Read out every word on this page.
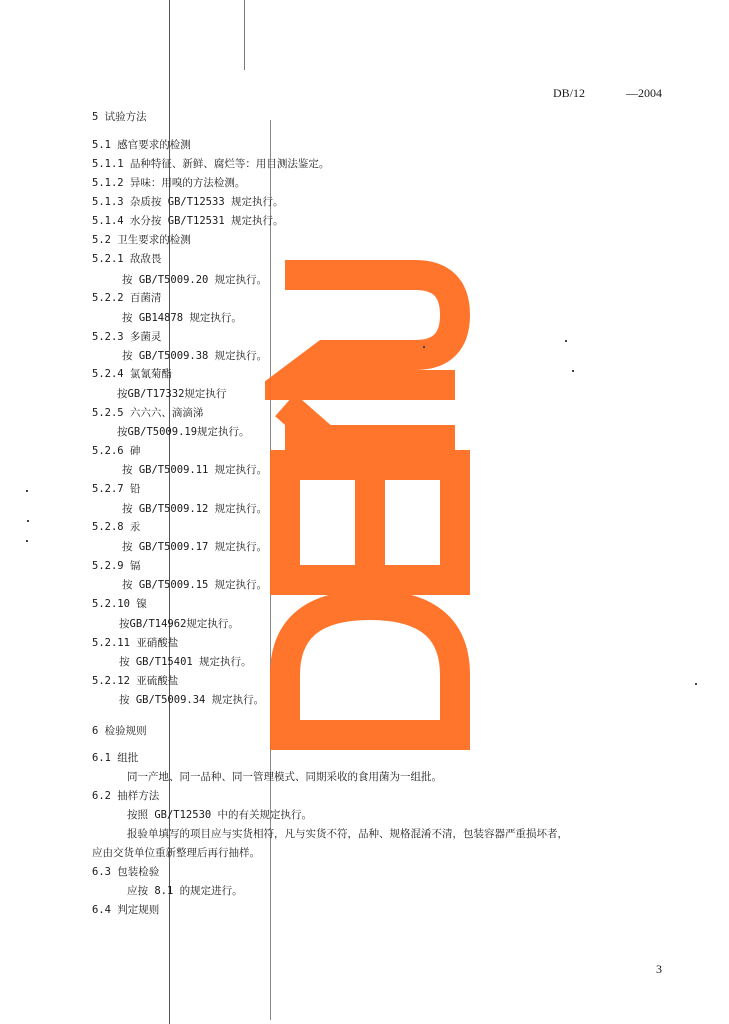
DB/12	—2004
5 试验方法
5.1 感官要求的检测
5.1.1 品种特征、新鲜、腐烂等：用目测法鉴定。
5.1.2 异味：用嗅的方法检测。
5.1.3 杂质按 GB/T12533 规定执行。
5.1.4 水分按 GB/T12531 规定执行。
5.2 卫生要求的检测
5.2.1 敌敌畏
按 GB/T5009.20 规定执行。
5.2.2 百菌清
按 GB14878 规定执行。
5.2.3 多菌灵
按 GB/T5009.38 规定执行。
5.2.4 氯氰菊酯
按GB/T17332规定执行
5.2.5 六六六、滴滴涕
按GB/T5009.19规定执行。
5.2.6 砷
按 GB/T5009.11 规定执行。
5.2.7 铅
按 GB/T5009.12 规定执行。
5.2.8 汞
按 GB/T5009.17 规定执行。
5.2.9 镉
按 GB/T5009.15 规定执行。
5.2.10 镍
按GB/T14962规定执行。
5.2.11 亚硝酸盐
按 GB/T15401 规定执行。
5.2.12 亚硫酸盐
按 GB/T5009.34 规定执行。
6 检验规则
6.1 组批
同一产地、同一品种、同一管理模式、同期采收的食用菌为一组批。
6.2 抽样方法
按照 GB/T12530 中的有关规定执行。
报验单填写的项目应与实货相符，凡与实货不符，品种、规格混淆不清，包装容器严重损坏者，
应由交货单位重新整理后再行抽样。
6.3 包装检验
应按 8.1 的规定进行。
6.4 判定规则
3
